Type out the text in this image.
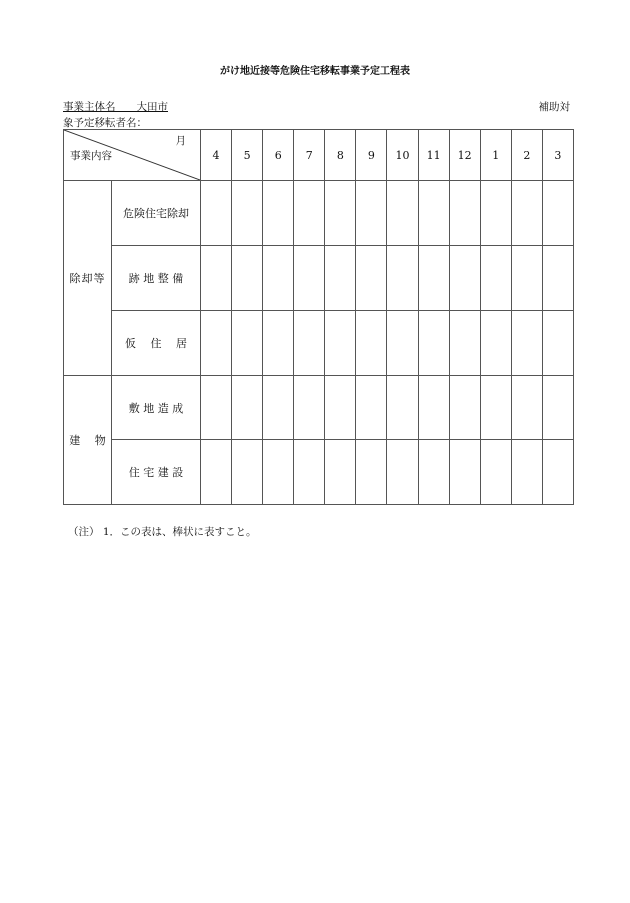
がけ地近接等危険住宅移転事業予定工程表
事業主体名　　 大田市	補助対
象予定移転者名：
月
事業内容		4	5	6	7	8	9	10	11	12	1	2	3
除却等	危険住宅除却												
	跡 地 整 備												
	仮　 住　 居												
建　 物	敷 地 造 成												
	住 宅 建 設												
（注） 1．この表は、棒状に表すこと。
